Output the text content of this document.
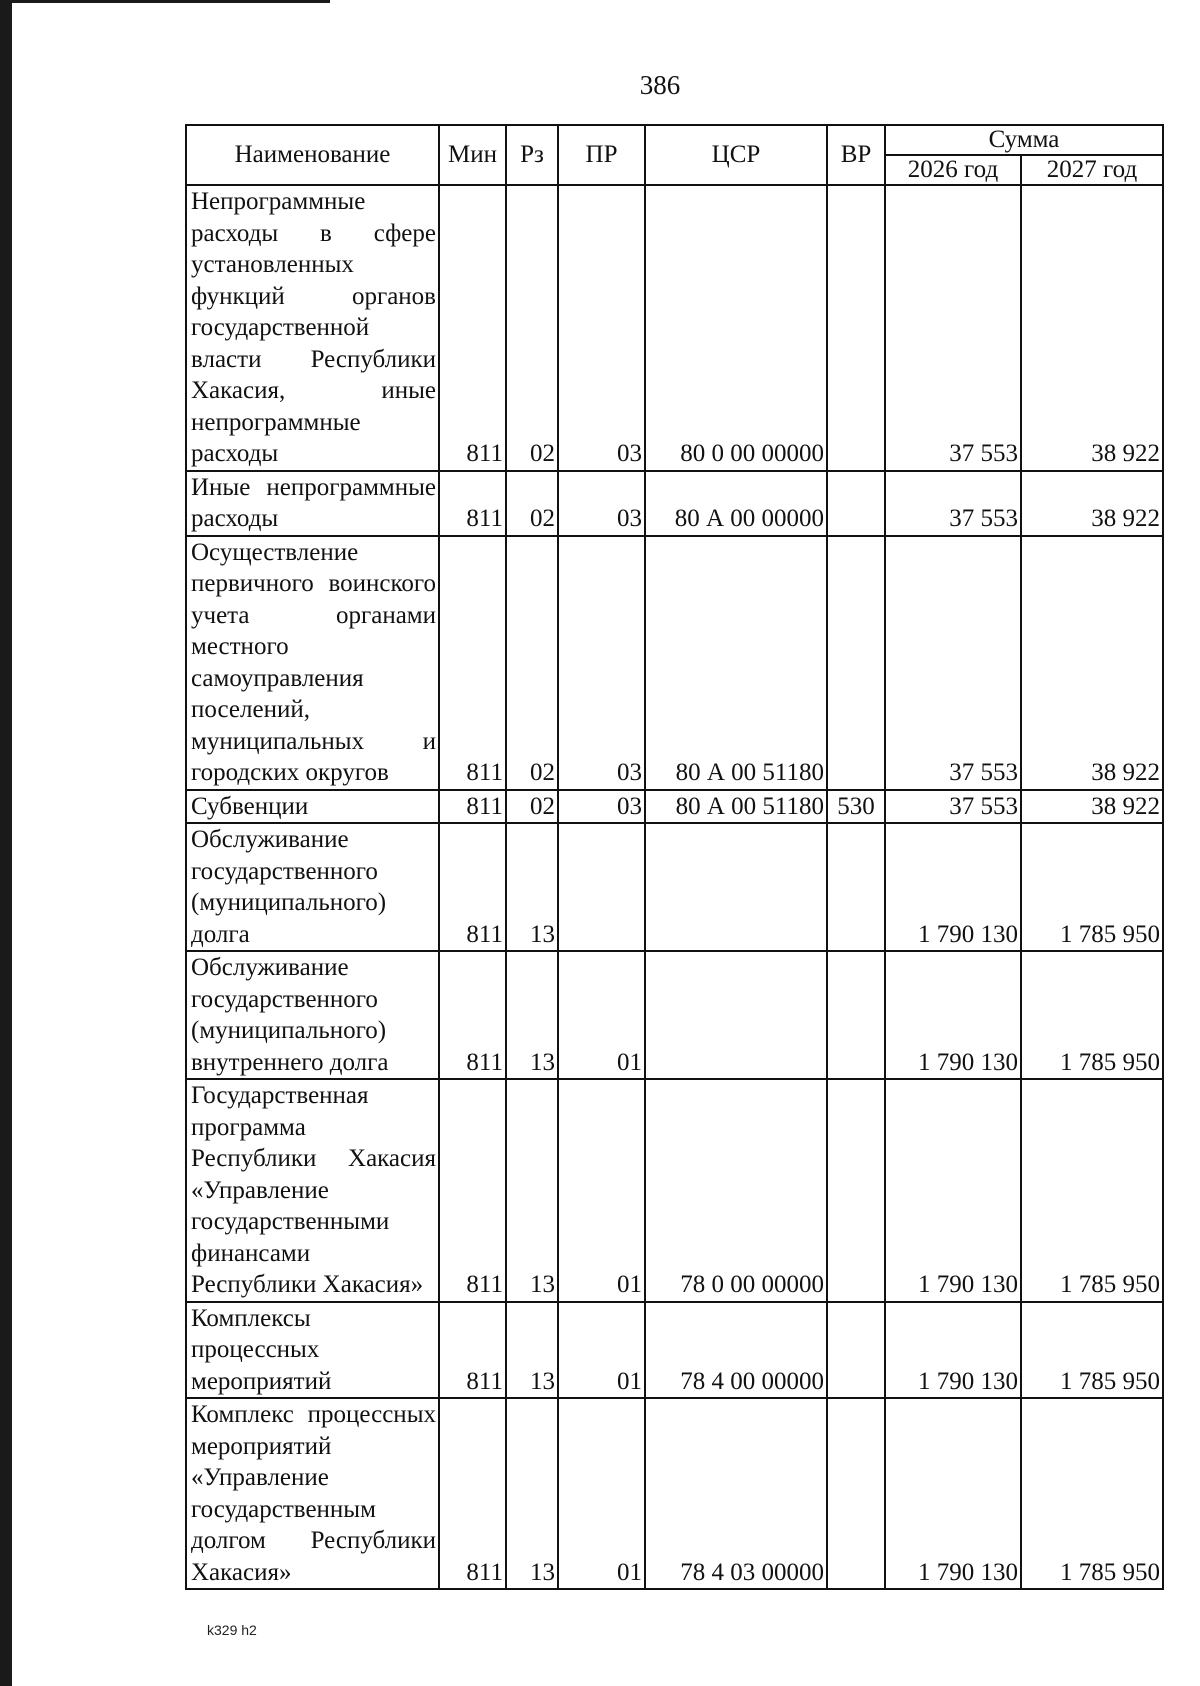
386
Наименование	Мин	Рз	ПР	ЦСР	ВР	Сумма	
						2026 год	2027 год
Непрограммные расходы в сфере установленных функций органов государственной власти Республики Хакасия, иные непрограммные расходы	811	02	03	80 0 00 00000		37 553	38 922
Иные непрограммные расходы	811	02	03	80 А 00 00000		37 553	38 922
Осуществление первичного воинского учета органами местного самоуправления поселений, муниципальных и городских округов	811	02	03	80 А 00 51180		37 553	38 922
Субвенции	811	02	03	80 А 00 51180	530	37 553	38 922
Обслуживание государственного (муниципального) долга	811	13				1 790 130	1 785 950
Обслуживание государственного (муниципального) внутреннего долга	811	13	01			1 790 130	1 785 950
Государственная программа Республики Хакасия «Управление государственными финансами Республики Хакасия»	811	13	01	78 0 00 00000		1 790 130	1 785 950
Комплексы процессных мероприятий	811	13	01	78 4 00 00000		1 790 130	1 785 950
Комплекс процессных мероприятий «Управление государственным долгом Республики Хакасия»	811	13	01	78 4 03 00000		1 790 130	1 785 950
k329 h2
